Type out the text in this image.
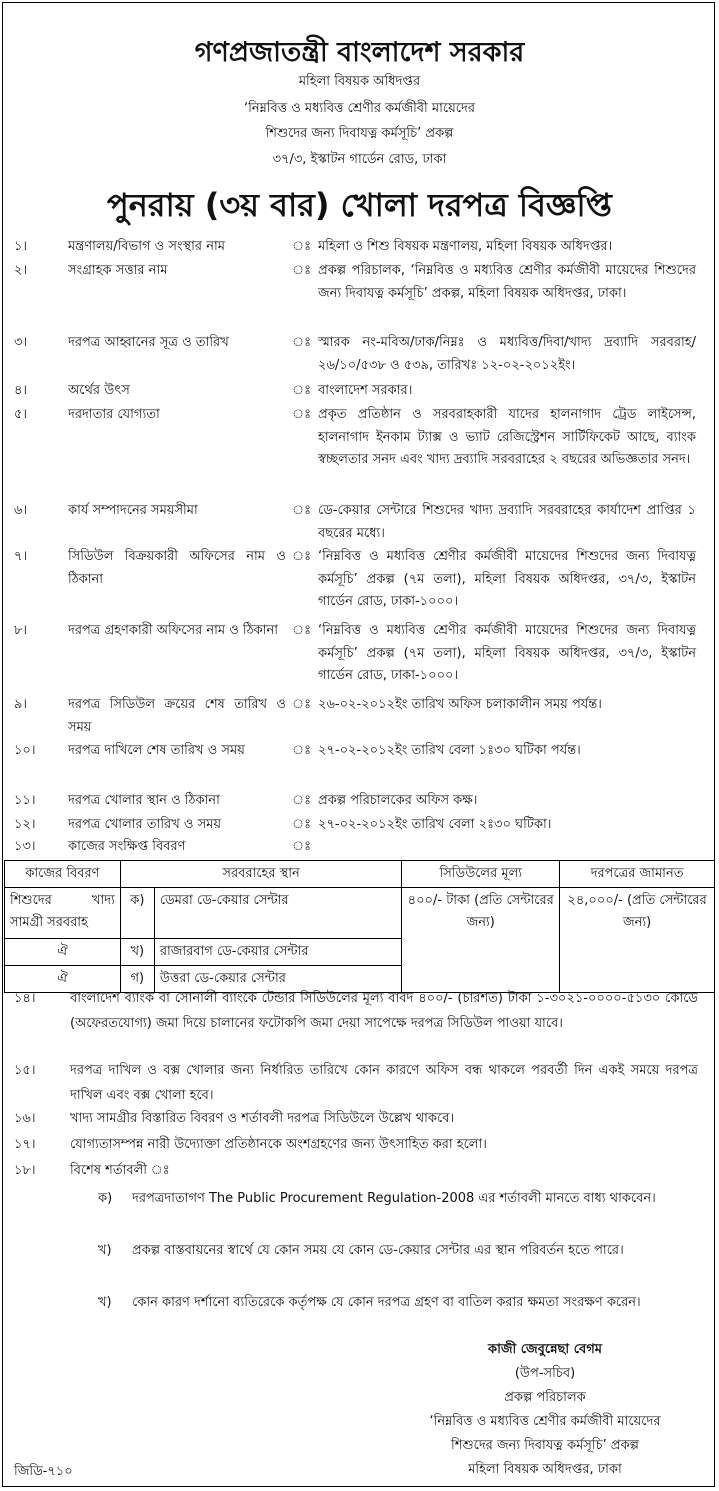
গণপ্রজাতন্ত্রী বাংলাদেশ সরকার
মহিলা বিষয়ক অধিদপ্তর
‘নিম্নবিত্ত ও মধ্যবিত্ত শ্রেণীর কর্মজীবী মায়েদের
শিশুদের জন্য দিবাযত্ন কর্মসূচি’ প্রকল্প
৩৭/৩, ইস্কাটন গার্ডেন রোড, ঢাকা
পুনরায় (৩য় বার) খোলা দরপত্র বিজ্ঞপ্তি
১।	মন্ত্রণালয়/বিভাগ ও সংস্থার নাম	ঃ মহিলা ও শিশু বিষয়ক মন্ত্রণালয়, মহিলা বিষয়ক অধিদপ্তর।
২।	সংগ্রাহক সত্তার নাম	ঃ প্রকল্প পরিচালক, ‘নিম্নবিত্ত ও মধ্যবিত্ত শ্রেণীর কর্মজীবী মায়েদের শিশুদের জন্য দিবাযত্ন কর্মসূচি’ প্রকল্প, মহিলা বিষয়ক অধিদপ্তর, ঢাকা।
৩।	দরপত্র আহ্বানের সূত্র ও তারিখ	ঃ স্মারক নং-মবিঅ/ঢাক/নিম্নঃ ও মধ্যবিত্ত/দিবা/খাদ্য দ্রব্যাদি সরবরাহ/২৬/১০/৫৩৮ ও ৫৩৯, তারিখঃ ১২-০২-২০১২ইং।
৪।	অর্থের উৎস	ঃ বাংলাদেশ সরকার।
৫।	দরদাতার যোগ্যতা	ঃ প্রকৃত প্রতিষ্ঠান ও সরবরাহকারী যাদের হালনাগাদ ট্রেড লাইসেন্স, হালনাগাদ ইনকাম ট্যাক্স ও ভ্যাট রেজিস্ট্রেশন সার্টিফিকেট আছে, ব্যাংক স্বচ্ছলতার সনদ এবং খাদ্য দ্রব্যাদি সরবরাহের ২ বছরের অভিজ্ঞতার সনদ।
৬।	কার্য সম্পাদনের সময়সীমা	ঃ ডে-কেয়ার সেন্টারে শিশুদের খাদ্য দ্রব্যাদি সরবরাহের কার্যাদেশ প্রাপ্তির ১ বছরের মধ্যে।
৭।	সিডিউল বিক্রয়কারী অফিসের নাম ও ঠিকানা
ঃ ‘নিম্নবিত্ত ও মধ্যবিত্ত শ্রেণীর কর্মজীবী মায়েদের শিশুদের জন্য দিবাযত্ন কর্মসূচি’ প্রকল্প (৭ম তলা), মহিলা বিষয়ক অধিদপ্তর, ৩৭/৩, ইস্কাটন গার্ডেন রোড, ঢাকা-১০০০।
৮।	দরপত্র গ্রহণকারী অফিসের নাম ও ঠিকানা	ঃ ‘নিম্নবিত্ত ও মধ্যবিত্ত শ্রেণীর কর্মজীবী মায়েদের শিশুদের জন্য দিবাযত্ন কর্মসূচি’ প্রকল্প (৭ম তলা), মহিলা বিষয়ক অধিদপ্তর, ৩৭/৩, ইস্কাটন গার্ডেন রোড, ঢাকা-১০০০।
৯।	দরপত্র সিডিউল ক্রয়ের শেষ তারিখ ও সময়
ঃ ২৬-০২-২০১২ইং তারিখ অফিস চলাকালীন সময় পর্যন্ত।
১০।	দরপত্র দাখিলে শেষ তারিখ ও সময়	ঃ ২৭-০২-২০১২ইং তারিখ বেলা ১ঃ৩০ ঘটিকা পর্যন্ত।
১১।	দরপত্র খোলার স্থান ও ঠিকানা	ঃ প্রকল্প পরিচালকের অফিস কক্ষ।
১২।	দরপত্র খোলার তারিখ ও সময়	ঃ ২৭-০২-২০১২ইং তারিখ বেলা ২ঃ৩০ ঘটিকা।
১৩।	কাজের সংক্ষিপ্ত বিবরণ	ঃ
কাজের বিবরণ	সরবরাহের স্থান		সিডিউলের মূল্য	দরপত্রের জামানত
শিশুদের খাদ্য সামগ্রী সরবরাহ	ক)	ডেমরা ডে-কেয়ার সেন্টার	৪০০/- টাকা (প্রতি সেন্টারের জন্য)	২৪,০০০/- (প্রতি সেন্টারের জন্য)
ঐ	খ)	রাজারবাগ ডে-কেয়ার সেন্টার		
ঐ	গ)	উত্তরা ডে-কেয়ার সেন্টার		
১৪।	বাংলাদেশ ব্যাংক বা সোনালী ব্যাংকে টেন্ডার সিডিউলের মূল্য বাবদ ৪০০/- (চারশত) টাকা ১-৩০২১-০০০০-৫১৩০ কোডে (অফেরতযোগ্য) জমা দিয়ে চালানের ফটোকপি জমা দেয়া সাপেক্ষে দরপত্র সিডিউল পাওয়া যাবে।
১৫।	দরপত্র দাখিল ও বক্স খোলার জন্য নির্ধারিত তারিখে কোন কারণে অফিস বন্ধ থাকলে পরবর্তী দিন একই সময়ে দরপত্র দাখিল এবং বক্স খোলা হবে।
১৬।	খাদ্য সামগ্রীর বিস্তারিত বিবরণ ও শর্তাবলী দরপত্র সিডিউলে উল্লেখ থাকবে।
১৭।	যোগ্যতাসম্পন্ন নারী উদ্যোক্তা প্রতিষ্ঠানকে অংশগ্রহণের জন্য উৎসাহিত করা হলো।
১৮।	বিশেষ শর্তাবলী ঃ
ক)	দরপত্রদাতাগণ The Public Procurement Regulation-2008 এর শর্তাবলী মানতে বাধ্য থাকবেন।
খ)	প্রকল্প বাস্তবায়নের স্বার্থে যে কোন সময় যে কোন ডে-কেয়ার সেন্টার এর স্থান পরিবর্তন হতে পারে।
খ)	কোন কারণ দর্শানো ব্যতিরেকে কর্তৃপক্ষ যে কোন দরপত্র গ্রহণ বা বাতিল করার ক্ষমতা সংরক্ষণ করেন।
কাজী জেবুন্নেছা বেগম
(উপ-সচিব)
প্রকল্প পরিচালক
‘নিম্নবিত্ত ও মধ্যবিত্ত শ্রেণীর কর্মজীবী মায়েদের
শিশুদের জন্য দিবাযত্ন কর্মসূচি’ প্রকল্প
মহিলা বিষয়ক অধিদপ্তর, ঢাকা
জিডি-৭১০
